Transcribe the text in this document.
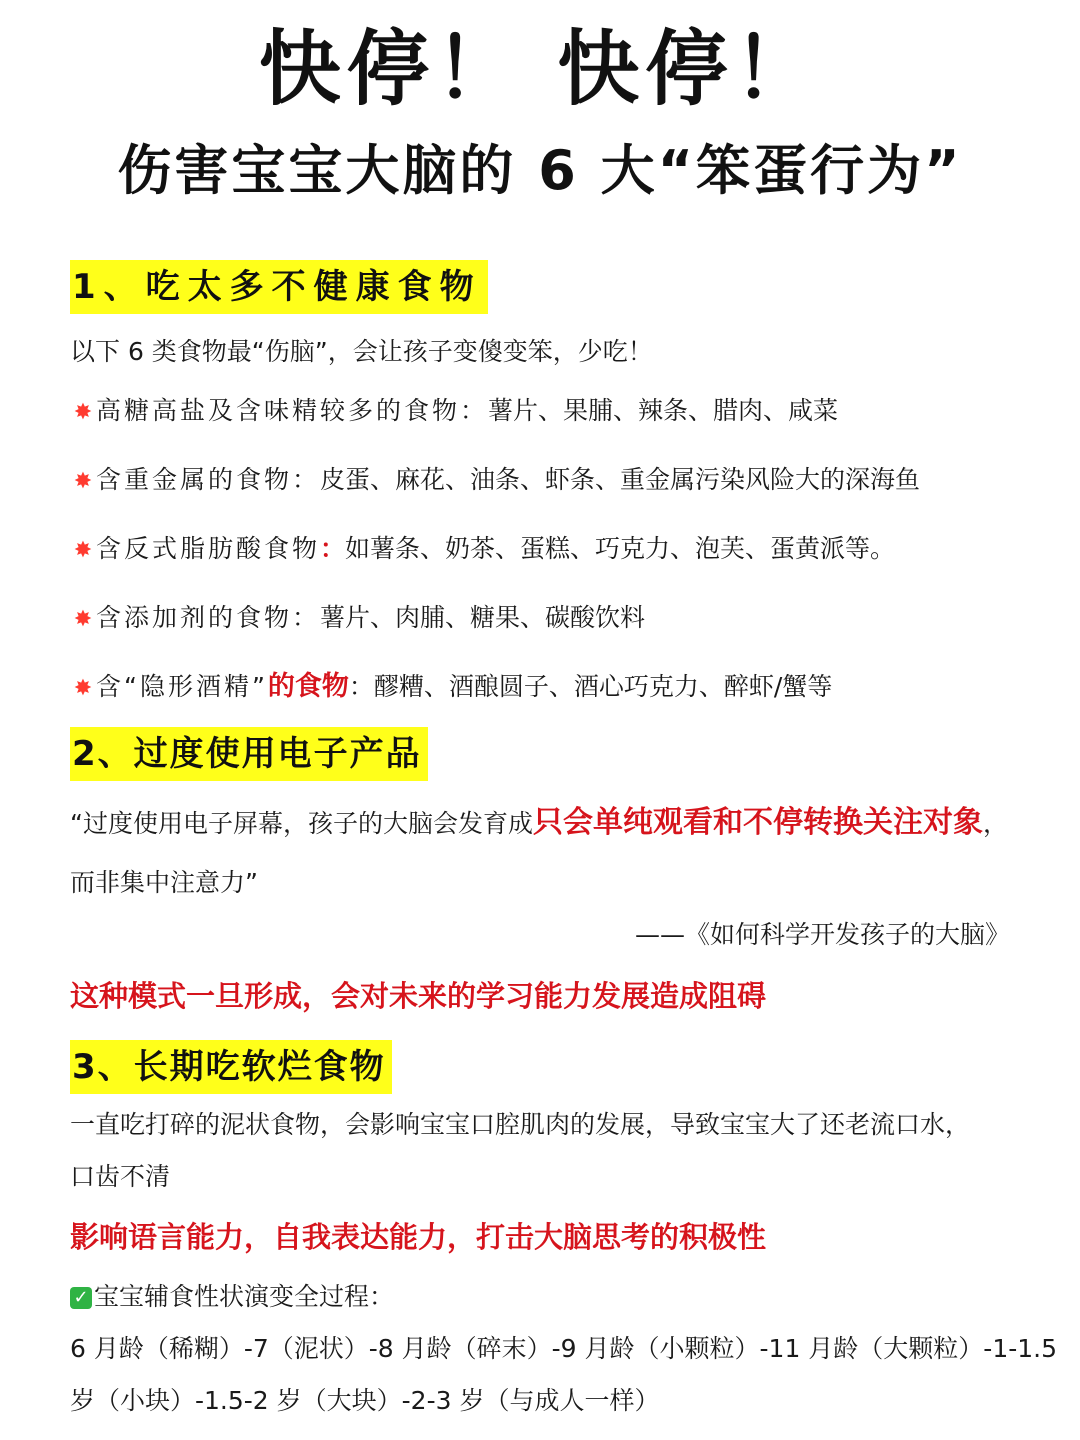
快停！ 快停！
伤害宝宝大脑的 6 大“笨蛋行为”
1、吃太多不健康食物
以下 6 类食物最“伤脑”，会让孩子变傻变笨，少吃！
✸ 高糖高盐及含味精较多的食物：薯片、果脯、辣条、腊肉、咸菜
✸ 含重金属的食物：皮蛋、麻花、油条、虾条、重金属污染风险大的深海鱼
✸ 含反式脂肪酸食物：如薯条、奶茶、蛋糕、巧克力、泡芙、蛋黄派等。
✸ 含添加剂的食物：薯片、肉脯、糖果、碳酸饮料
✸ 含“隐形酒精”的食物：醪糟、酒酿圆子、酒心巧克力、醉虾/蟹等
2、过度使用电子产品
“过度使用电子屏幕，孩子的大脑会发育成只会单纯观看和不停转换关注对象，
而非集中注意力”
——《如何科学开发孩子的大脑》
这种模式一旦形成，会对未来的学习能力发展造成阻碍
3、长期吃软烂食物
一直吃打碎的泥状食物，会影响宝宝口腔肌肉的发展，导致宝宝大了还老流口水，
口齿不清
影响语言能力，自我表达能力，打击大脑思考的积极性
✓ 宝宝辅食性状演变全过程：
6 月龄（稀糊）-7（泥状）-8 月龄（碎末）-9 月龄（小颗粒）-11 月龄（大颗粒）-1-1.5
岁（小块）-1.5-2 岁（大块）-2-3 岁（与成人一样）
